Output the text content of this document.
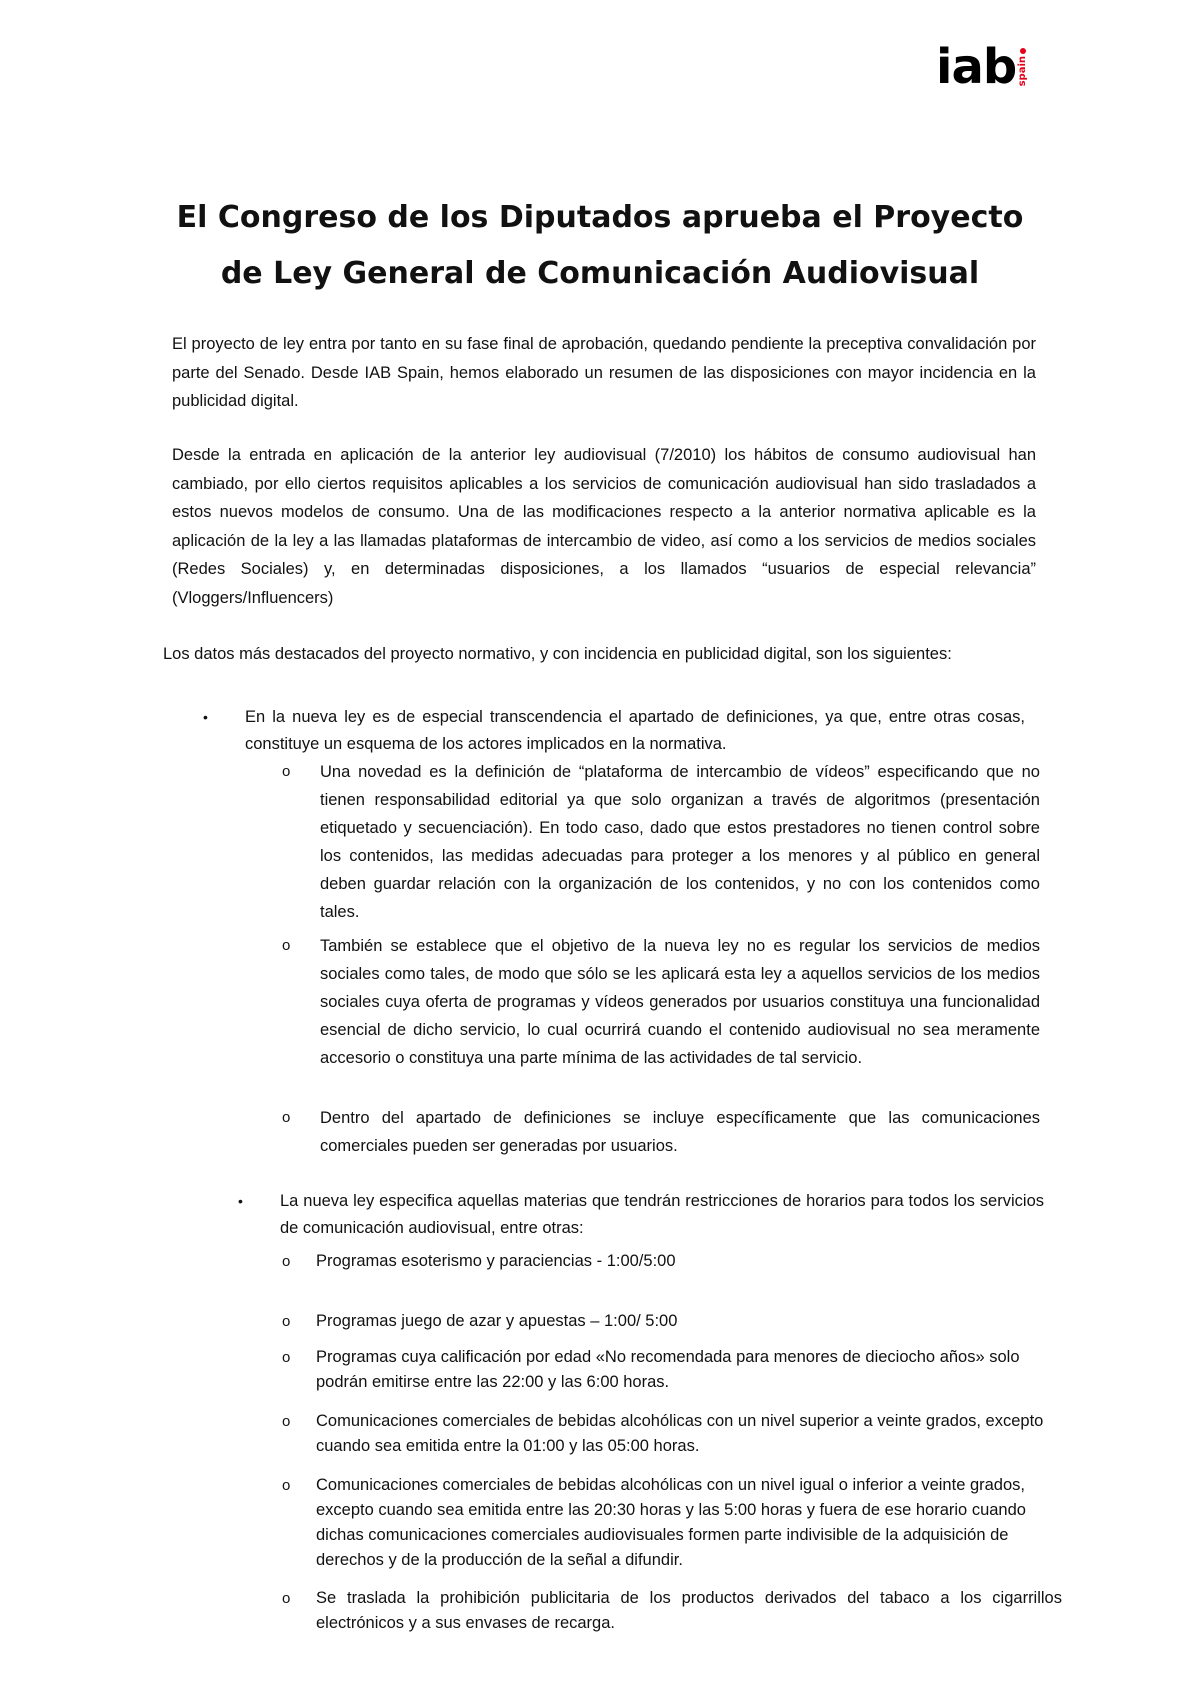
iab spain
El Congreso de los Diputados aprueba el Proyecto
de Ley General de Comunicación Audiovisual
El proyecto de ley entra por tanto en su fase final de aprobación, quedando pendiente la preceptiva convalidación por parte del Senado. Desde IAB Spain, hemos elaborado un resumen de las disposiciones con mayor incidencia en la publicidad digital.
Desde la entrada en aplicación de la anterior ley audiovisual (7/2010) los hábitos de consumo audiovisual han cambiado, por ello ciertos requisitos aplicables a los servicios de comunicación audiovisual han sido trasladados a estos nuevos modelos de consumo. Una de las modificaciones respecto a la anterior normativa aplicable es la aplicación de la ley a las llamadas plataformas de intercambio de video, así como a los servicios de medios sociales (Redes Sociales) y, en determinadas disposiciones, a los llamados “usuarios de especial relevancia” (Vloggers/Influencers)
Los datos más destacados del proyecto normativo, y con incidencia en publicidad digital, son los siguientes:
• En la nueva ley es de especial transcendencia el apartado de definiciones, ya que, entre otras cosas, constituye un esquema de los actores implicados en la normativa.
o Una novedad es la definición de “plataforma de intercambio de vídeos” especificando que no tienen responsabilidad editorial ya que solo organizan a través de algoritmos (presentación etiquetado y secuenciación). En todo caso, dado que estos prestadores no tienen control sobre los contenidos, las medidas adecuadas para proteger a los menores y al público en general deben guardar relación con la organización de los contenidos, y no con los contenidos como tales.
o También se establece que el objetivo de la nueva ley no es regular los servicios de medios sociales como tales, de modo que sólo se les aplicará esta ley a aquellos servicios de los medios sociales cuya oferta de programas y vídeos generados por usuarios constituya una funcionalidad esencial de dicho servicio, lo cual ocurrirá cuando el contenido audiovisual no sea meramente accesorio o constituya una parte mínima de las actividades de tal servicio.
o Dentro del apartado de definiciones se incluye específicamente que las comunicaciones comerciales pueden ser generadas por usuarios.
• La nueva ley especifica aquellas materias que tendrán restricciones de horarios para todos los servicios de comunicación audiovisual, entre otras:
o Programas esoterismo y paraciencias - 1:00/5:00
o Programas juego de azar y apuestas – 1:00/ 5:00
o Programas cuya calificación por edad «No recomendada para menores de dieciocho años» solo podrán emitirse entre las 22:00 y las 6:00 horas.
o Comunicaciones comerciales de bebidas alcohólicas con un nivel superior a veinte grados, excepto cuando sea emitida entre la 01:00 y las 05:00 horas.
o Comunicaciones comerciales de bebidas alcohólicas con un nivel igual o inferior a veinte grados, excepto cuando sea emitida entre las 20:30 horas y las 5:00 horas y fuera de ese horario cuando dichas comunicaciones comerciales audiovisuales formen parte indivisible de la adquisición de derechos y de la producción de la señal a difundir.
o Se traslada la prohibición publicitaria de los productos derivados del tabaco a los cigarrillos electrónicos y a sus envases de recarga.
